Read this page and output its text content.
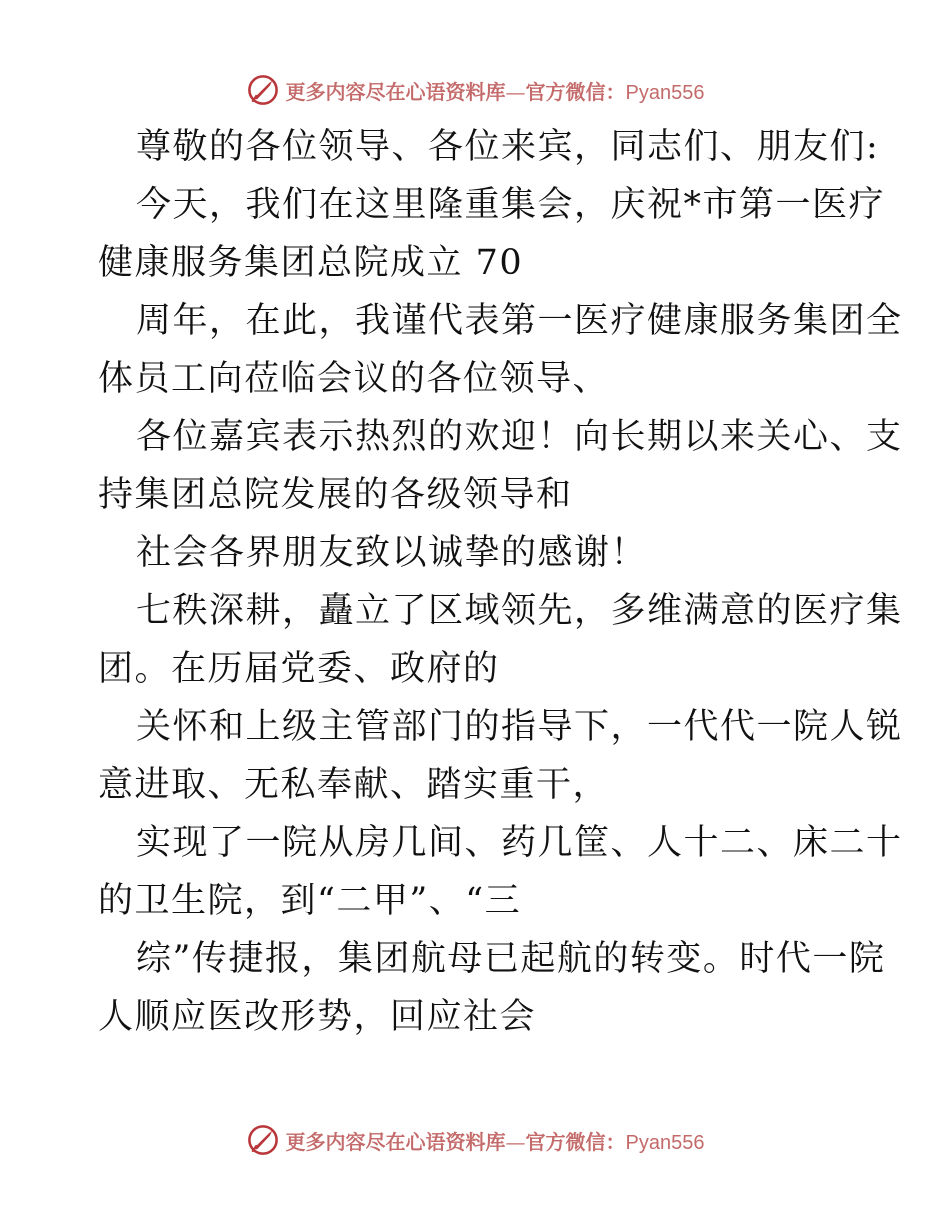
更多内容尽在心语资料库—官方微信：Pyan556
尊敬的各位领导、各位来宾，同志们、朋友们:
今天，我们在这里隆重集会，庆祝*市第一医疗
健康服务集团总院成立 70
周年，在此，我谨代表第一医疗健康服务集团全
体员工向莅临会议的各位领导、
各位嘉宾表示热烈的欢迎！向长期以来关心、支
持集团总院发展的各级领导和
社会各界朋友致以诚挚的感谢！
七秩深耕，矗立了区域领先，多维满意的医疗集
团。在历届党委、政府的
关怀和上级主管部门的指导下，一代代一院人锐
意进取、无私奉献、踏实重干，
实现了一院从房几间、药几筐、人十二、床二十
的卫生院，到“二甲”、“三
综”传捷报，集团航母已起航的转变。时代一院
人顺应医改形势，回应社会
更多内容尽在心语资料库—官方微信：Pyan556
